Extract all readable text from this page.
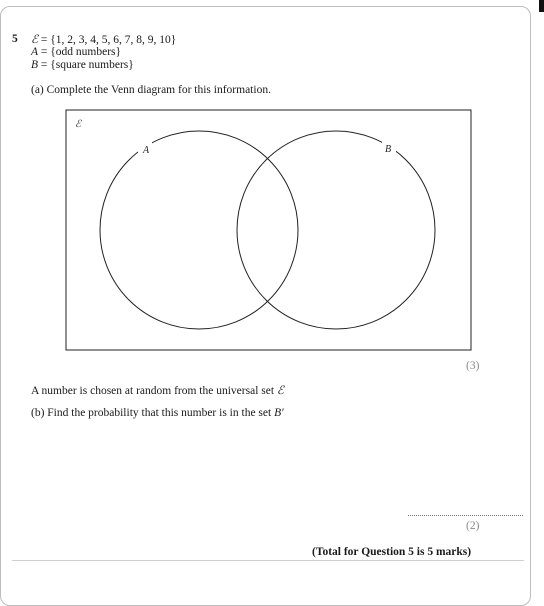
5 ℰ = {1, 2, 3, 4, 5, 6, 7, 8, 9, 10}
A = {odd numbers}
B = {square numbers}
(a) Complete the Venn diagram for this information.
ℰ
A	B
(3)
A number is chosen at random from the universal set ℰ
(b) Find the probability that this number is in the set B′
(2)
(Total for Question 5 is 5 marks)
